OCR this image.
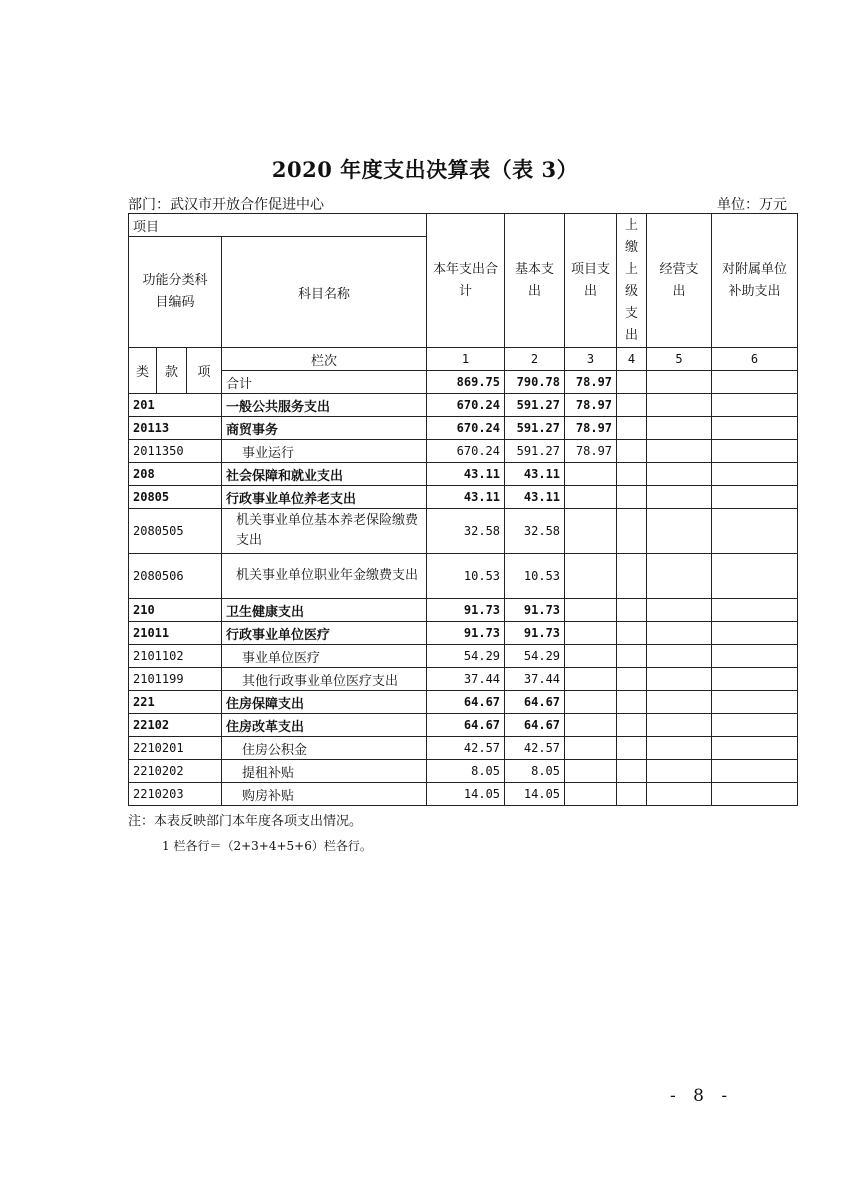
2020 年度支出决算表（表 3）
部门：武汉市开放合作促进中心	单位：万元
项目				本年支出合计	基本支出	项目支出	上缴上级支出	经营支出	对附属单位补助支出
功能分类科目编码			科目名称						
类	款	项	栏次	1	2	3	4	5	6
			合计	869.75	790.78	78.97			
201			一般公共服务支出	670.24	591.27	78.97			
20113			商贸事务	670.24	591.27	78.97			
2011350			事业运行	670.24	591.27	78.97			
208			社会保障和就业支出	43.11	43.11				
20805			行政事业单位养老支出	43.11	43.11				
2080505			机关事业单位基本养老保险缴费支出	32.58	32.58				
2080506			机关事业单位职业年金缴费支出	10.53	10.53				
210			卫生健康支出	91.73	91.73				
21011			行政事业单位医疗	91.73	91.73				
2101102			事业单位医疗	54.29	54.29				
2101199			其他行政事业单位医疗支出	37.44	37.44				
221			住房保障支出	64.67	64.67				
22102			住房改革支出	64.67	64.67				
2210201			住房公积金	42.57	42.57				
2210202			提租补贴	8.05	8.05				
2210203			购房补贴	14.05	14.05				
注：本表反映部门本年度各项支出情况。
1 栏各行＝（2+3+4+5+6）栏各行。
- 8 -
